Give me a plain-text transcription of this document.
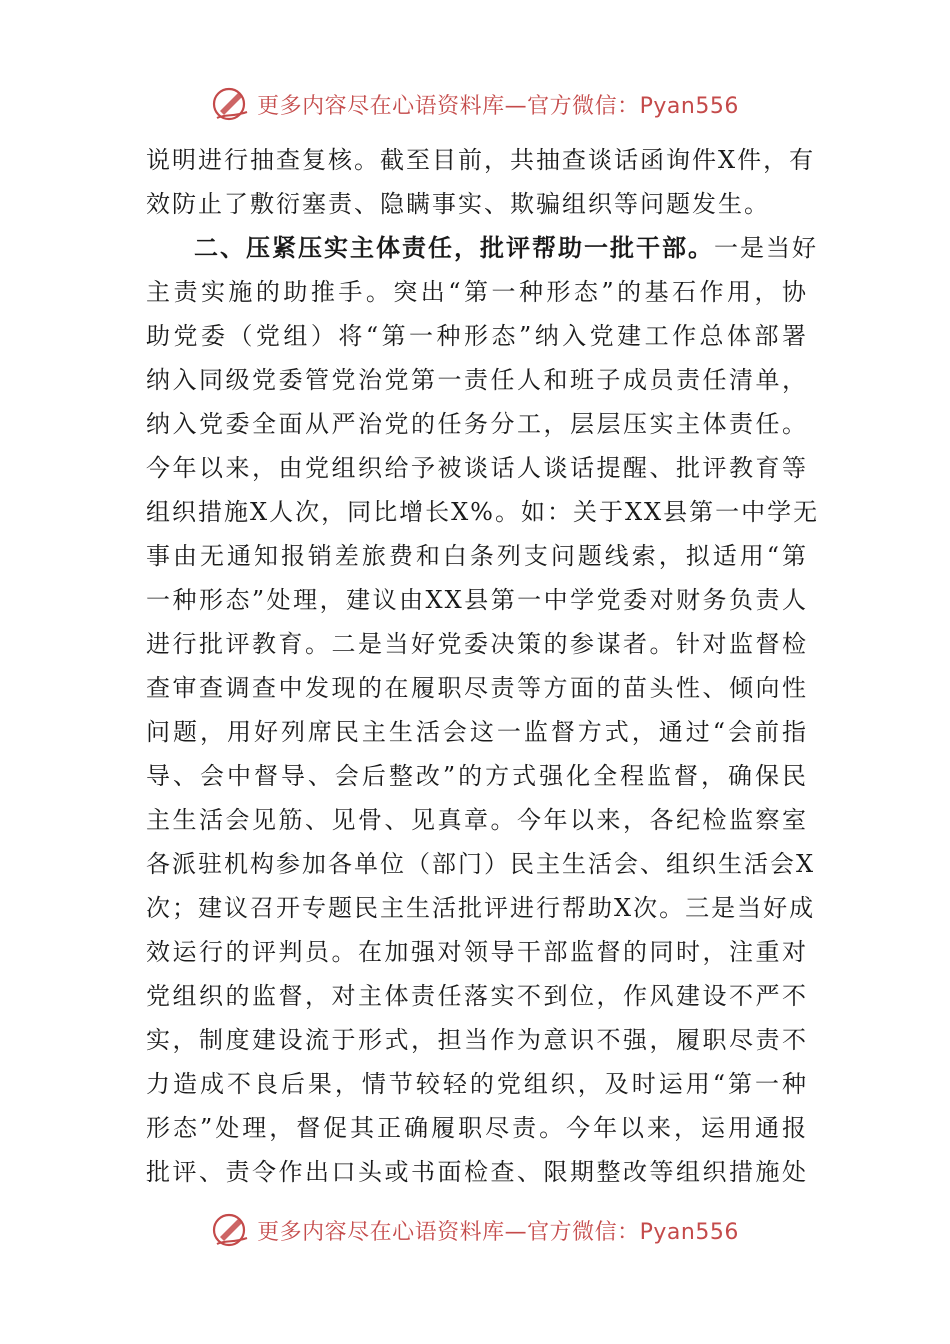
更多内容尽在心语资料库—官方微信：Pyan556
说明进行抽查复核。截至目前，共抽查谈话函询件X件，有
效防止了敷衍塞责、隐瞒事实、欺骗组织等问题发生。
二、压紧压实主体责任，批评帮助一批干部。一是当好
主责实施的助推手。突出“第一种形态”的基石作用，协
助党委（党组）将“第一种形态”纳入党建工作总体部署
纳入同级党委管党治党第一责任人和班子成员责任清单，
纳入党委全面从严治党的任务分工，层层压实主体责任。
今年以来，由党组织给予被谈话人谈话提醒、批评教育等
组织措施X人次，同比增长X%。如：关于XX县第一中学无
事由无通知报销差旅费和白条列支问题线索，拟适用“第
一种形态”处理，建议由XX县第一中学党委对财务负责人
进行批评教育。二是当好党委决策的参谋者。针对监督检
查审查调查中发现的在履职尽责等方面的苗头性、倾向性
问题，用好列席民主生活会这一监督方式，通过“会前指
导、会中督导、会后整改”的方式强化全程监督，确保民
主生活会见筋、见骨、见真章。今年以来，各纪检监察室
各派驻机构参加各单位（部门）民主生活会、组织生活会X
次；建议召开专题民主生活批评进行帮助X次。三是当好成
效运行的评判员。在加强对领导干部监督的同时，注重对
党组织的监督，对主体责任落实不到位，作风建设不严不
实，制度建设流于形式，担当作为意识不强，履职尽责不
力造成不良后果，情节较轻的党组织，及时运用“第一种
形态”处理，督促其正确履职尽责。今年以来，运用通报
批评、责令作出口头或书面检查、限期整改等组织措施处
更多内容尽在心语资料库—官方微信：Pyan556
